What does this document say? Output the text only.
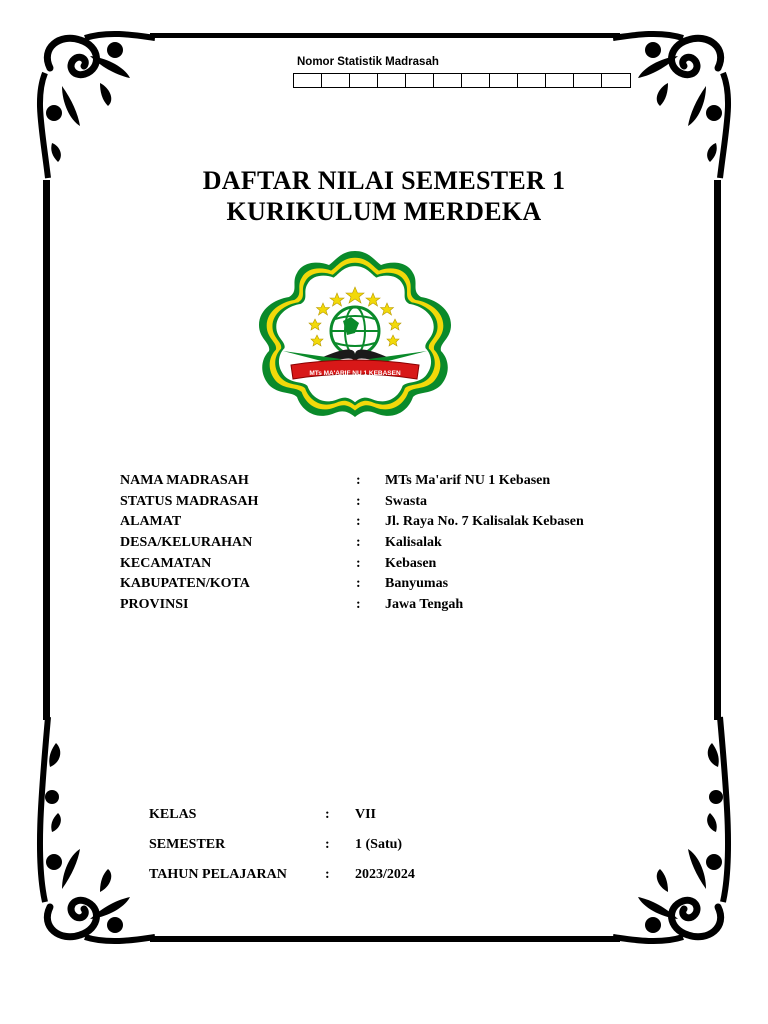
Nomor Statistik Madrasah
DAFTAR NILAI SEMESTER 1
KURIKULUM MERDEKA
MTs MA'ARIF NU 1 KEBASEN
NAMA MADRASAH	:	MTs Ma'arif NU 1 Kebasen
STATUS MADRASAH	:	Swasta
ALAMAT	:	Jl. Raya No. 7 Kalisalak Kebasen
DESA/KELURAHAN	:	Kalisalak
KECAMATAN	:	Kebasen
KABUPATEN/KOTA	:	Banyumas
PROVINSI	:	Jawa Tengah
KELAS	:	VII
SEMESTER	:	1 (Satu)
TAHUN PELAJARAN	:	2023/2024
